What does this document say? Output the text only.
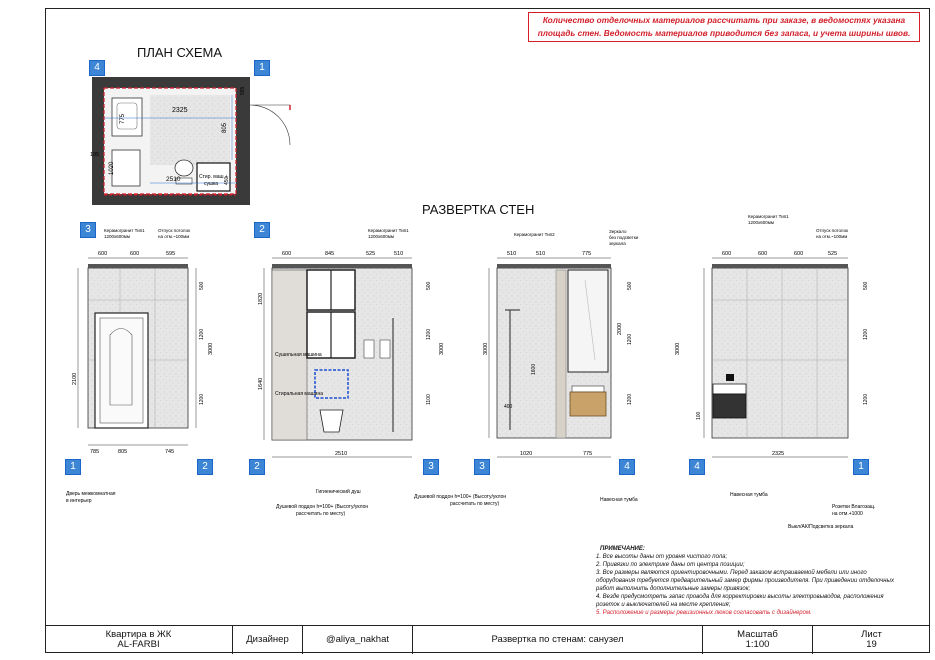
Количество отделочных материалов рассчитать при заказе, в ведомостях указана
площадь стен. Ведомость материалов приводится без запаса, и учета ширины швов.
ПЛАН СХЕМА
РАЗВЕРТКА СТЕН
2325
805
775
1020
2510	450
185
595
Стир. маш +
сушка
600	600	595
785	805	745
2100
3000
500
1200
1200
Керамогранит Тип1
1200х600мм
Отпуск потолок
на отм.~100мм
Дверь межкомнатная
в интерьер
600	845	525	510
2510
1820
1640
3000
500
1200
1100
Сушильная машина
Стиральная машина
Керамогранит Тип1
1200х600мм
Гигиенический душ
Душевой поддон h=100+ (Высоту/уклон
рассчитать по месту)
510	510	775
1020	775
2000
3000
1600
400
500
1200
1200
Керамогранит Тип2
Зеркало
без подсветки
зеркала
Душевой поддон h=100+ (Высоту/уклон
рассчитать по месту)
Навесная тумба
600	600	600	525
2325
3000
100
500
1200
1200
Керамогранит Тип1
1200х600мм
Отпуск потолок
на отм.~100мм
Навесная тумба
Розетки Влагозащ.
на отм.+1000
Выкл/АК/Подсветка зеркала
4	1
3	2
1	2	2	3	3	4	4	1
ПРИМЕЧАНИЕ:
1. Все высоты даны от уровня чистого пола;
2. Привязки по электрике даны от центра позиции;
3. Все размеры являются ориентировочными. Перед заказом встраиваемой мебели или иного
оборудования требуется предварительный замер фирмы производителя. При приведении отделочных
работ выполнить дополнительные замеры привязок;
4. Везде предусмотреть запас провода для корректировки высоты электровыводов, расположения
розеток и выключателей на месте крепления;
5. Расположение и размеры ревизионных люков согласовать с дизайнером.
Квартира в ЖК
AL-FARBI	Дизайнер	@aliya_nakhat	Развертка по стенам: санузел	Масштаб
1:100
Лист
19
